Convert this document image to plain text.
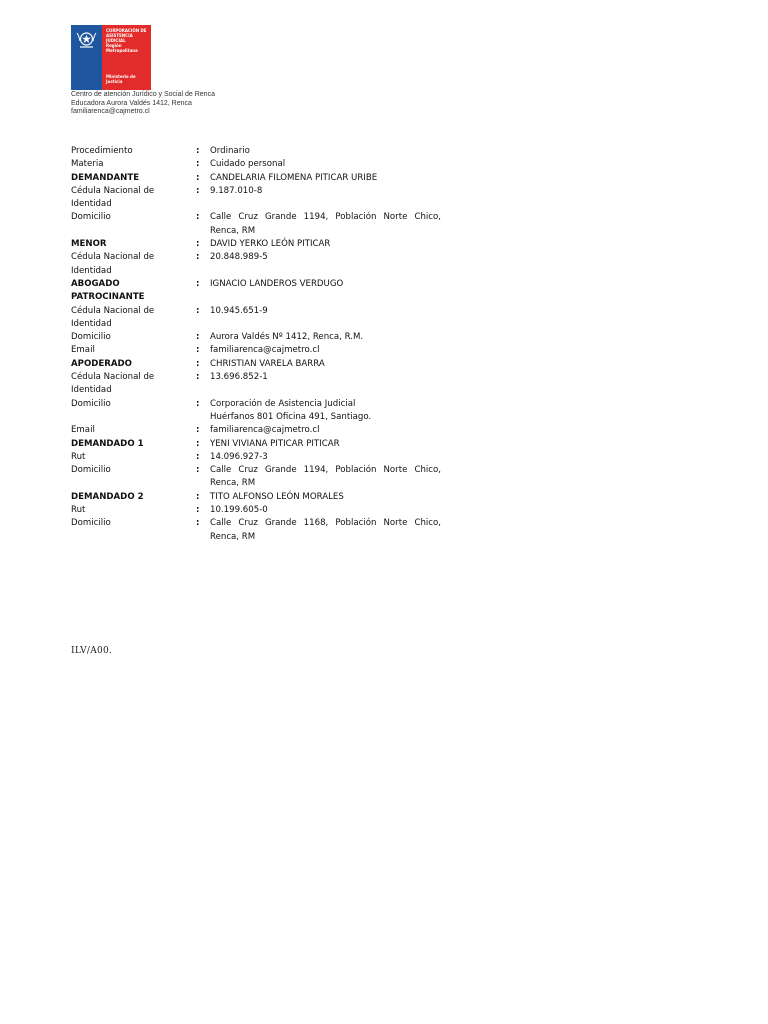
CORPORACIÓN DE
ASISTENCIA
JUDICIAL
Región Metropolitana
Ministerio de
Justicia
Centro de atención Jurídico y Social de Renca
Educadora Aurora Valdés 1412, Renca
familiarenca@cajmetro.cl
Procedimiento	:	Ordinario
Materia	:	Cuidado personal
DEMANDANTE	:	CANDELARIA FILOMENA PITICAR URIBE
Cédula Nacional de Identidad
:	9.187.010-8
Domicilio	:	Calle Cruz Grande 1194, Población Norte Chico, Renca, RM
MENOR	:	DAVID YERKO LEÓN PITICAR
Cédula Nacional de Identidad
:	20.848.989-5
ABOGADO PATROCINANTE
:	IGNACIO LANDEROS VERDUGO
Cédula Nacional de Identidad
:	10.945.651-9
Domicilio	:	Aurora Valdés Nº 1412, Renca, R.M.
Email	:	familiarenca@cajmetro.cl
APODERADO	:	CHRISTIAN VARELA BARRA
Cédula Nacional de Identidad
:	13.696.852-1
Domicilio	:	Corporación de Asistencia Judicial
Huérfanos 801 Oficina 491, Santiago.
Email	:	familiarenca@cajmetro.cl
DEMANDADO 1	:	YENI VIVIANA PITICAR PITICAR
Rut	:	14.096.927-3
Domicilio	:	Calle Cruz Grande 1194, Población Norte Chico, Renca, RM
DEMANDADO 2	:	TITO ALFONSO LEÓN MORALES
Rut	:	10.199.605-0
Domicilio	:	Calle Cruz Grande 1168, Población Norte Chico, Renca, RM
ILV/A00.
